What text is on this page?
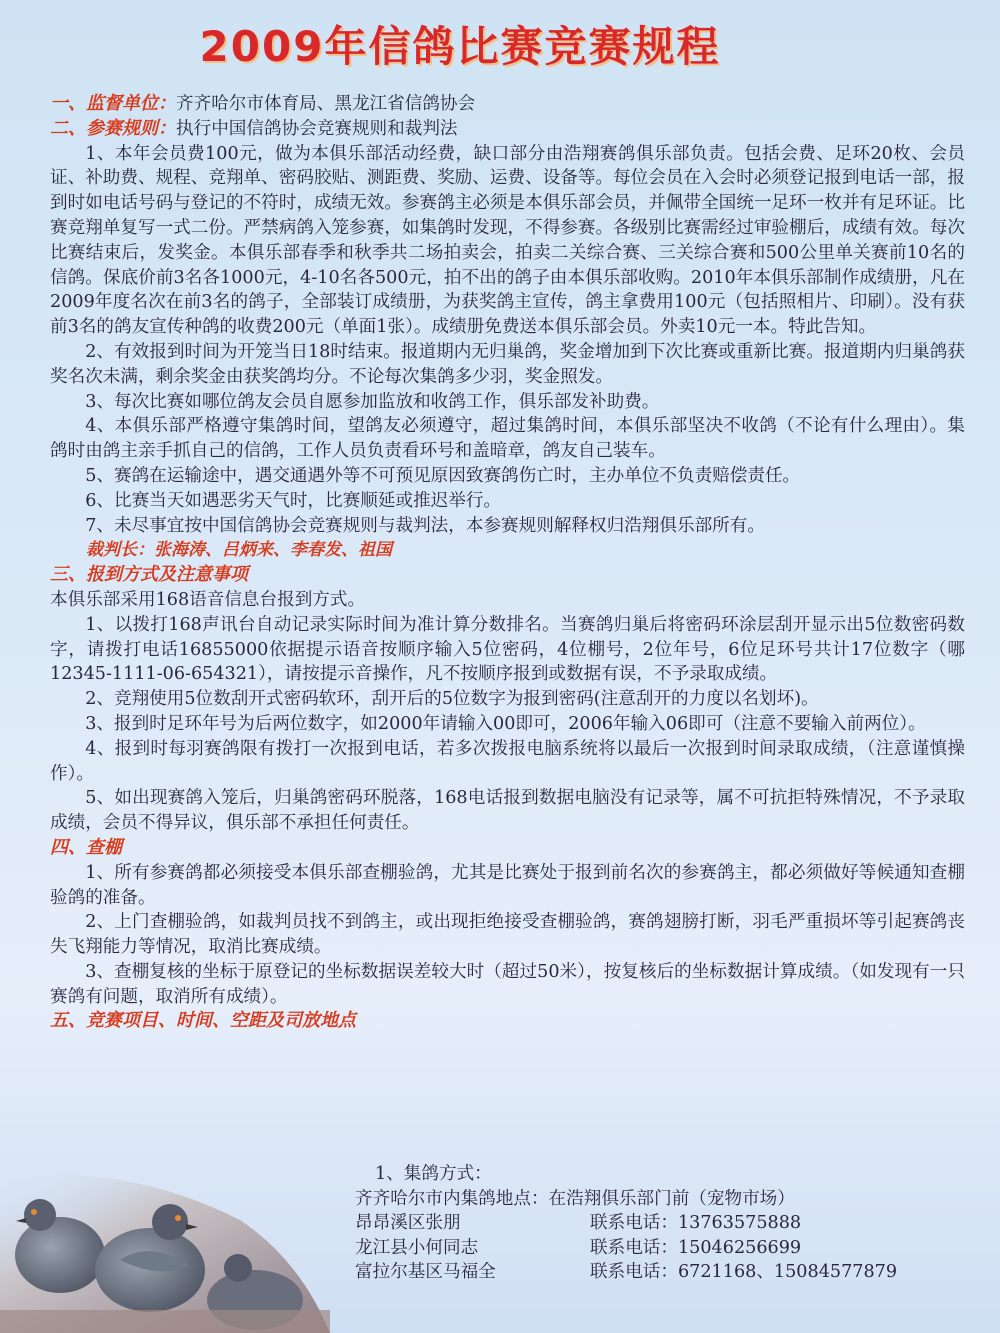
2009年信鸽比赛竞赛规程

一、监督单位：齐齐哈尔市体育局、黑龙江省信鸽协会

二、参赛规则：执行中国信鸽协会竞赛规则和裁判法

1、本年会员费100元，做为本俱乐部活动经费，缺口部分由浩翔赛鸽俱乐部负责。包括会费、足环20枚、会员证、补助费、规程、竞翔单、密码胶贴、测距费、奖励、运费、设备等。每位会员在入会时必须登记报到电话一部，报到时如电话号码与登记的不符时，成绩无效。参赛鸽主必须是本俱乐部会员，并佩带全国统一足环一枚并有足环证。比赛竞翔单复写一式二份。严禁病鸽入笼参赛，如集鸽时发现，不得参赛。各级别比赛需经过审验棚后，成绩有效。每次比赛结束后，发奖金。本俱乐部春季和秋季共二场拍卖会，拍卖二关综合赛、三关综合赛和500公里单关赛前10名的信鸽。保底价前3名各1000元，4-10名各500元，拍不出的鸽子由本俱乐部收购。2010年本俱乐部制作成绩册，凡在2009年度名次在前3名的鸽子，全部装订成绩册，为获奖鸽主宣传，鸽主拿费用100元（包括照相片、印刷）。没有获前3名的鸽友宣传种鸽的收费200元（单面1张）。成绩册免费送本俱乐部会员。外卖10元一本。特此告知。

2、有效报到时间为开笼当日18时结束。报道期内无归巢鸽，奖金增加到下次比赛或重新比赛。报道期内归巢鸽获奖名次未满，剩余奖金由获奖鸽均分。不论每次集鸽多少羽，奖金照发。

3、每次比赛如哪位鸽友会员自愿参加监放和收鸽工作，俱乐部发补助费。

4、本俱乐部严格遵守集鸽时间，望鸽友必须遵守，超过集鸽时间，本俱乐部坚决不收鸽（不论有什么理由）。集鸽时由鸽主亲手抓自己的信鸽，工作人员负责看环号和盖暗章，鸽友自己装车。

5、赛鸽在运输途中，遇交通遇外等不可预见原因致赛鸽伤亡时，主办单位不负责赔偿责任。

6、比赛当天如遇恶劣天气时，比赛顺延或推迟举行。

7、未尽事宜按中国信鸽协会竞赛规则与裁判法，本参赛规则解释权归浩翔俱乐部所有。

裁判长：张海涛、吕炳来、李春发、祖国

三、报到方式及注意事项

本俱乐部采用168语音信息台报到方式。

1、以拨打168声讯台自动记录实际时间为准计算分数排名。当赛鸽归巢后将密码环涂层刮开显示出5位数密码数字，请拨打电话16855000依据提示语音按顺序输入5位密码，4位棚号，2位年号，6位足环号共计17位数字（哪12345-1111-06-654321），请按提示音操作，凡不按顺序报到或数据有误，不予录取成绩。

2、竞翔使用5位数刮开式密码软环，刮开后的5位数字为报到密码(注意刮开的力度以名划坏)。

3、报到时足环年号为后两位数字，如2000年请输入00即可，2006年输入06即可（注意不要输入前两位）。

4、报到时每羽赛鸽限有拨打一次报到电话，若多次拨报电脑系统将以最后一次报到时间录取成绩，（注意谨慎操作）。

5、如出现赛鸽入笼后，归巢鸽密码环脱落，168电话报到数据电脑没有记录等，属不可抗拒特殊情况，不予录取成绩，会员不得异议，俱乐部不承担任何责任。

四、查棚

1、所有参赛鸽都必须接受本俱乐部查棚验鸽，尤其是比赛处于报到前名次的参赛鸽主，都必须做好等候通知查棚验鸽的准备。

2、上门查棚验鸽，如裁判员找不到鸽主，或出现拒绝接受查棚验鸽，赛鸽翅膀打断，羽毛严重损坏等引起赛鸽丧失飞翔能力等情况，取消比赛成绩。

3、查棚复核的坐标于原登记的坐标数据误差较大时（超过50米），按复核后的坐标数据计算成绩。（如发现有一只赛鸽有问题，取消所有成绩）。

五、竞赛项目、时间、空距及司放地点

1、集鸽方式：
齐齐哈尔市内集鸽地点：在浩翔俱乐部门前（宠物市场）
昂昂溪区张朋	联系电话：13763575888
龙江县小何同志	联系电话：15046256699
富拉尔基区马福全	联系电话：6721168、15084577879
